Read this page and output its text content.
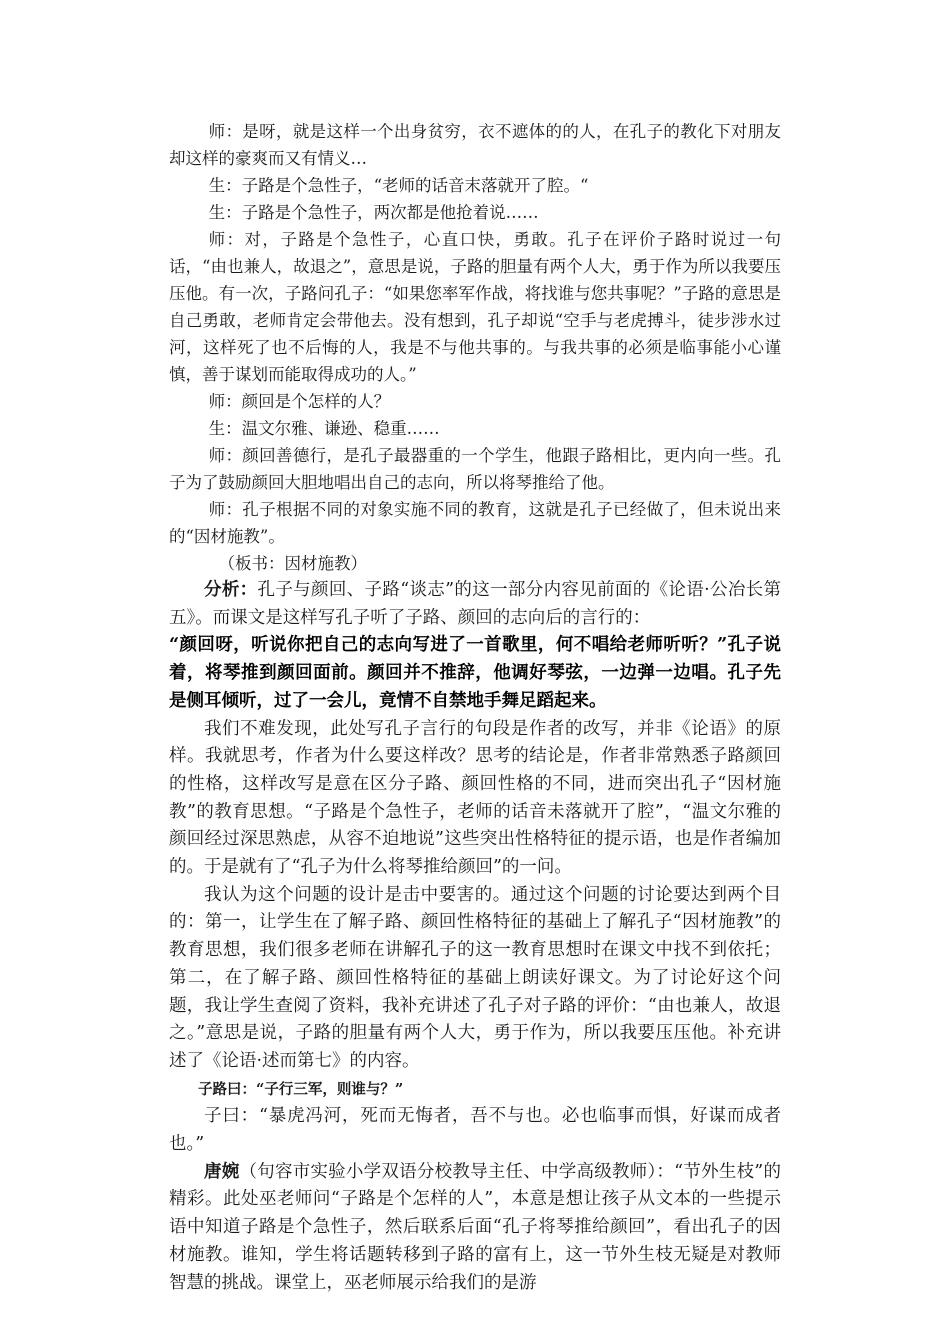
师：是呀，就是这样一个出身贫穷，衣不遮体的的人，在孔子的教化下对朋友却这样的豪爽而又有情义…

生：子路是个急性子，“老师的话音末落就开了腔。“

生：子路是个急性子，两次都是他抢着说……

师：对，子路是个急性子，心直口快，勇敢。孔子在评价子路时说过一句话，“由也兼人，故退之”，意思是说，子路的胆量有两个人大，勇于作为所以我要压压他。有一次，子路问孔子：“如果您率军作战，将找谁与您共事呢？”子路的意思是自己勇敢，老师肯定会带他去。没有想到，孔子却说“空手与老虎搏斗，徒步涉水过河，这样死了也不后悔的人，我是不与他共事的。与我共事的必须是临事能小心谨慎，善于谋划而能取得成功的人。”

师：颜回是个怎样的人？

生：温文尔雅、谦逊、稳重……

师：颜回善德行，是孔子最器重的一个学生，他跟子路相比，更内向一些。孔子为了鼓励颜回大胆地唱出自己的志向，所以将琴推给了他。

师：孔子根据不同的对象实施不同的教育，这就是孔子已经做了，但未说出来的“因材施教”。

（板书：因材施教）

分析：孔子与颜回、子路“谈志”的这一部分内容见前面的《论语·公冶长第五》。而课文是这样写孔子听了子路、颜回的志向后的言行的：

“颜回呀，听说你把自己的志向写进了一首歌里，何不唱给老师听听？”孔子说着，将琴推到颜回面前。颜回并不推辞，他调好琴弦，一边弹一边唱。孔子先是侧耳倾听，过了一会儿，竟情不自禁地手舞足蹈起来。

我们不难发现，此处写孔子言行的句段是作者的改写，并非《论语》的原样。我就思考，作者为什么要这样改？思考的结论是，作者非常熟悉子路颜回的性格，这样改写是意在区分子路、颜回性格的不同，进而突出孔子“因材施教”的教育思想。“子路是个急性子，老师的话音未落就开了腔”，“温文尔雅的颜回经过深思熟虑，从容不迫地说”这些突出性格特征的提示语，也是作者编加的。于是就有了“孔子为什么将琴推给颜回”的一问。

我认为这个问题的设计是击中要害的。通过这个问题的讨论要达到两个目的：第一，让学生在了解子路、颜回性格特征的基础上了解孔子“因材施教”的教育思想，我们很多老师在讲解孔子的这一教育思想时在课文中找不到依托；第二，在了解子路、颜回性格特征的基础上朗读好课文。为了讨论好这个问题，我让学生查阅了资料，我补充讲述了孔子对子路的评价：“由也兼人，故退之。”意思是说，子路的胆量有两个人大，勇于作为，所以我要压压他。补充讲述了《论语·述而第七》的内容。

子路曰：“子行三军，则谁与？”

子曰：“暴虎冯河，死而无悔者，吾不与也。必也临事而惧，好谋而成者也。”

唐婉（句容市实验小学双语分校教导主任、中学高级教师）：“节外生枝”的精彩。此处巫老师问“子路是个怎样的人”，本意是想让孩子从文本的一些提示语中知道子路是个急性子，然后联系后面“孔子将琴推给颜回”，看出孔子的因材施教。谁知，学生将话题转移到子路的富有上，这一节外生枝无疑是对教师智慧的挑战。课堂上，巫老师展示给我们的是游
